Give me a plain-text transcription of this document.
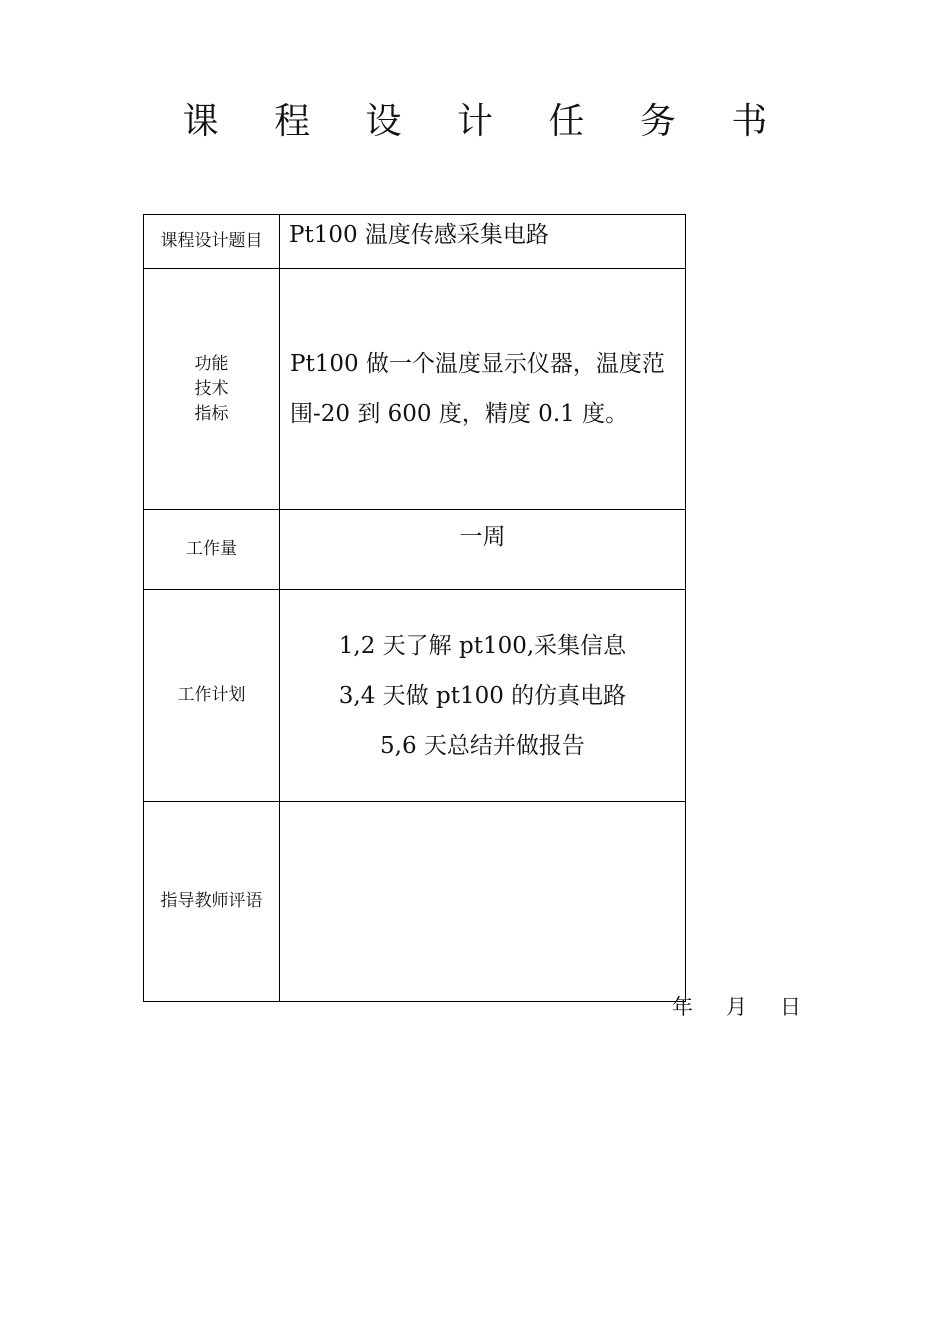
课 程 设 计 任 务 书
课程设计题目	Pt100 温度传感采集电路

功能
技术
指标	Pt100 做一个温度显示仪器，温度范围-20 到 600 度，精度 0.1 度。
工作量	一周
工作计划	1,2 天了解 pt100,采集信息
3,4 天做 pt100 的仿真电路
5,6 天总结并做报告

指导教师评语	
年 月 日
